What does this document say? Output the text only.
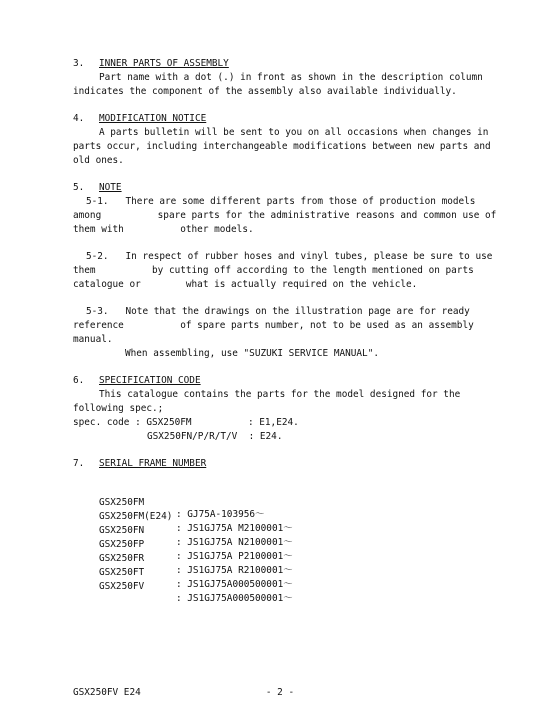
3. INNER PARTS OF ASSEMBLY
Part name with a dot (.) in front as shown in the description column
indicates the component of the assembly also available individually.
4. MODIFICATION NOTICE
A parts bulletin will be sent to you on all occasions when changes in
parts occur, including interchangeable modifications between new parts and
old ones.
5. NOTE
5-1.   There are some different parts from those of production models
among          spare parts for the administrative reasons and common use of
them with          other models.
5-2.   In respect of rubber hoses and vinyl tubes, please be sure to use
them          by cutting off according to the length mentioned on parts
catalogue or        what is actually required on the vehicle.
5-3.   Note that the drawings on the illustration page are for ready
reference          of spare parts number, not to be used as an assembly
manual.
When assembling, use "SUZUKI SERVICE MANUAL".
6. SPECIFICATION CODE
This catalogue contains the parts for the model designed for the
following spec.;
spec. code : GSX250FM          : E1,E24.
GSX250FN/P/R/T/V  : E24.
7. SERIAL FRAME NUMBER

GSX250FM

: GJ75A-103956～

GSX250FM(E24)

: JS1GJ75A M2100001～

GSX250FN

: JS1GJ75A N2100001～

GSX250FP

: JS1GJ75A P2100001～

GSX250FR

: JS1GJ75A R2100001～

GSX250FT

: JS1GJ75A000500001～

GSX250FV

: JS1GJ75A000500001～

GSX250FV E24	- 2 -
